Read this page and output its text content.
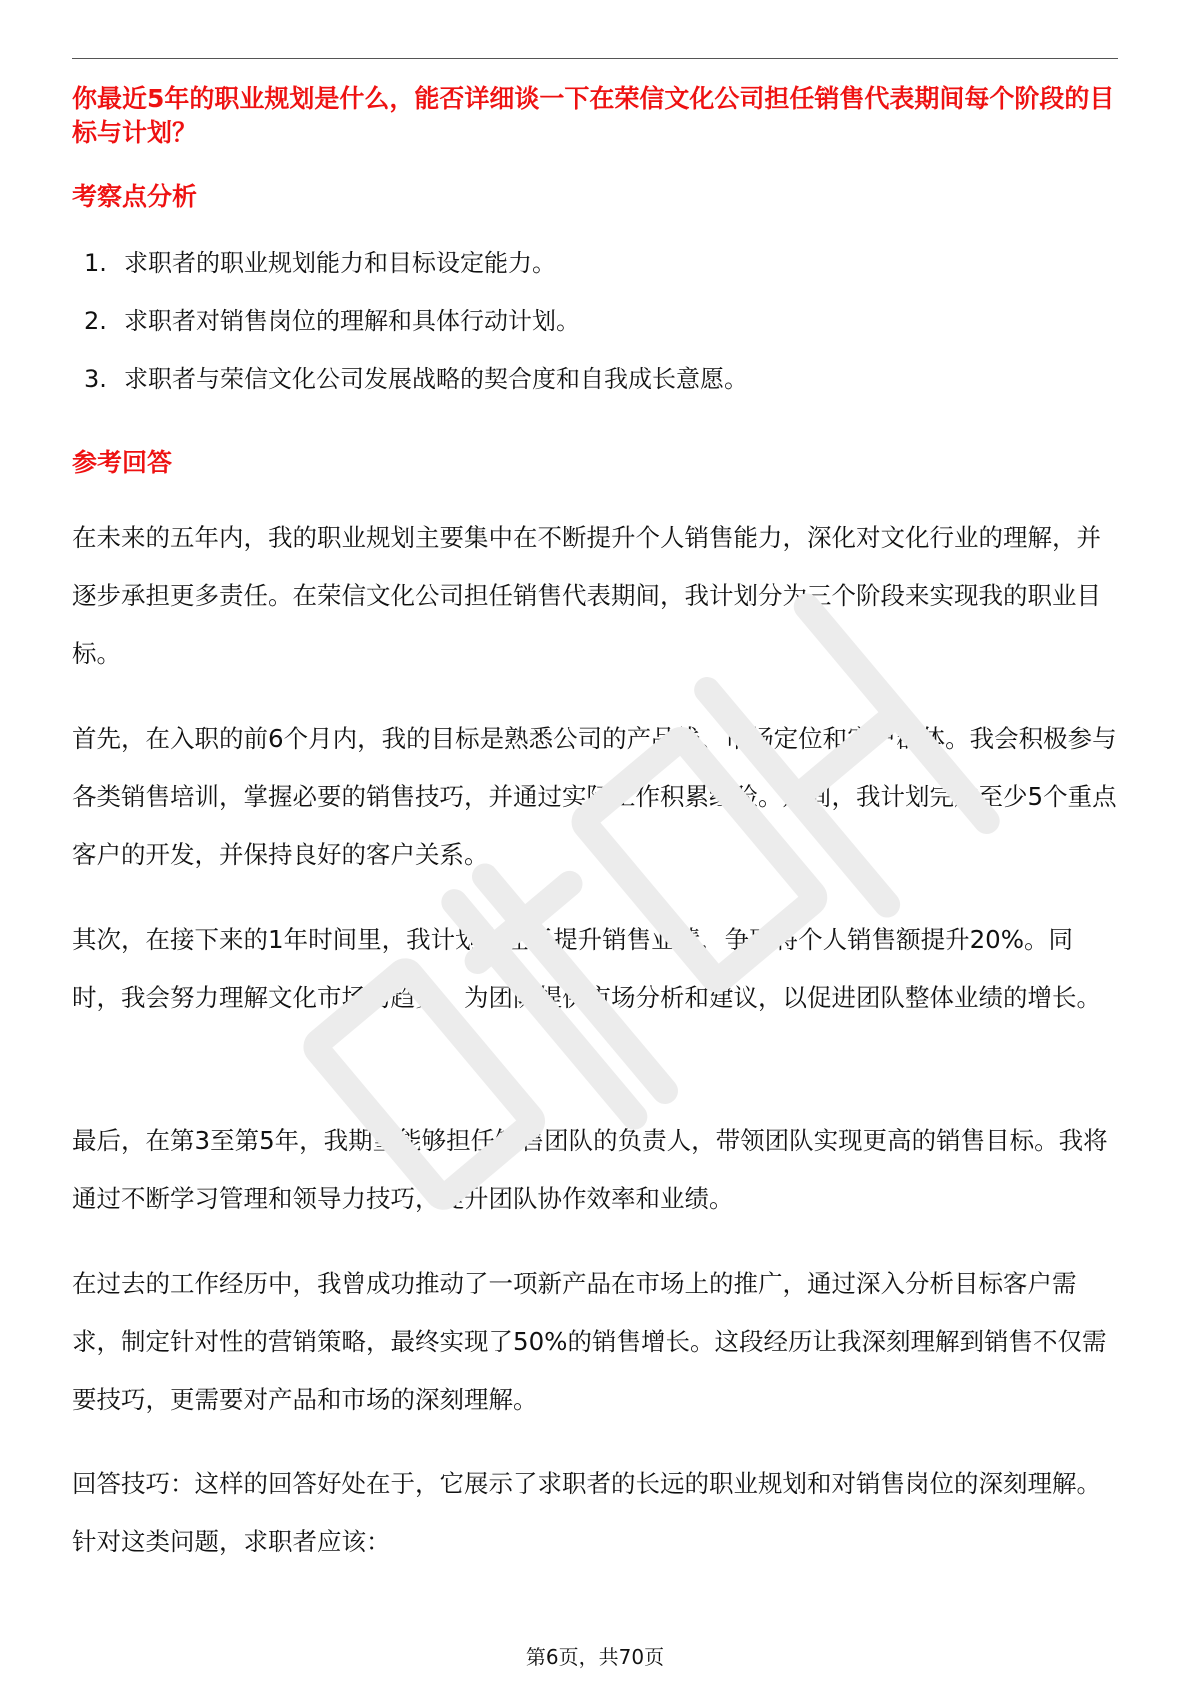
你最近5年的职业规划是什么，能否详细谈一下在荣信文化公司担任销售代表期间每个阶段的目标与计划？
考察点分析
1. 求职者的职业规划能力和目标设定能力。
2. 求职者对销售岗位的理解和具体行动计划。
3. 求职者与荣信文化公司发展战略的契合度和自我成长意愿。
参考回答

在未来的五年内，我的职业规划主要集中在不断提升个人销售能力，深化对文化行业的理解，并逐步承担更多责任。在荣信文化公司担任销售代表期间，我计划分为三个阶段来实现我的职业目标。

首先，在入职的前6个月内，我的目标是熟悉公司的产品线、市场定位和客户群体。我会积极参与各类销售培训，掌握必要的销售技巧，并通过实际工作积累经验。期间，我计划完成至少5个重点客户的开发，并保持良好的客户关系。

其次，在接下来的1年时间里，我计划专注于提升销售业绩，争取将个人销售额提升20%。同时，我会努力理解文化市场的趋势，为团队提供市场分析和建议，以促进团队整体业绩的增长。

最后，在第3至第5年，我期望能够担任销售团队的负责人，带领团队实现更高的销售目标。我将通过不断学习管理和领导力技巧，提升团队协作效率和业绩。

在过去的工作经历中，我曾成功推动了一项新产品在市场上的推广，通过深入分析目标客户需求，制定针对性的营销策略，最终实现了50%的销售增长。这段经历让我深刻理解到销售不仅需要技巧，更需要对产品和市场的深刻理解。

回答技巧：这样的回答好处在于，它展示了求职者的长远的职业规划和对销售岗位的深刻理解。针对这类问题，求职者应该：

第6页，共70页
